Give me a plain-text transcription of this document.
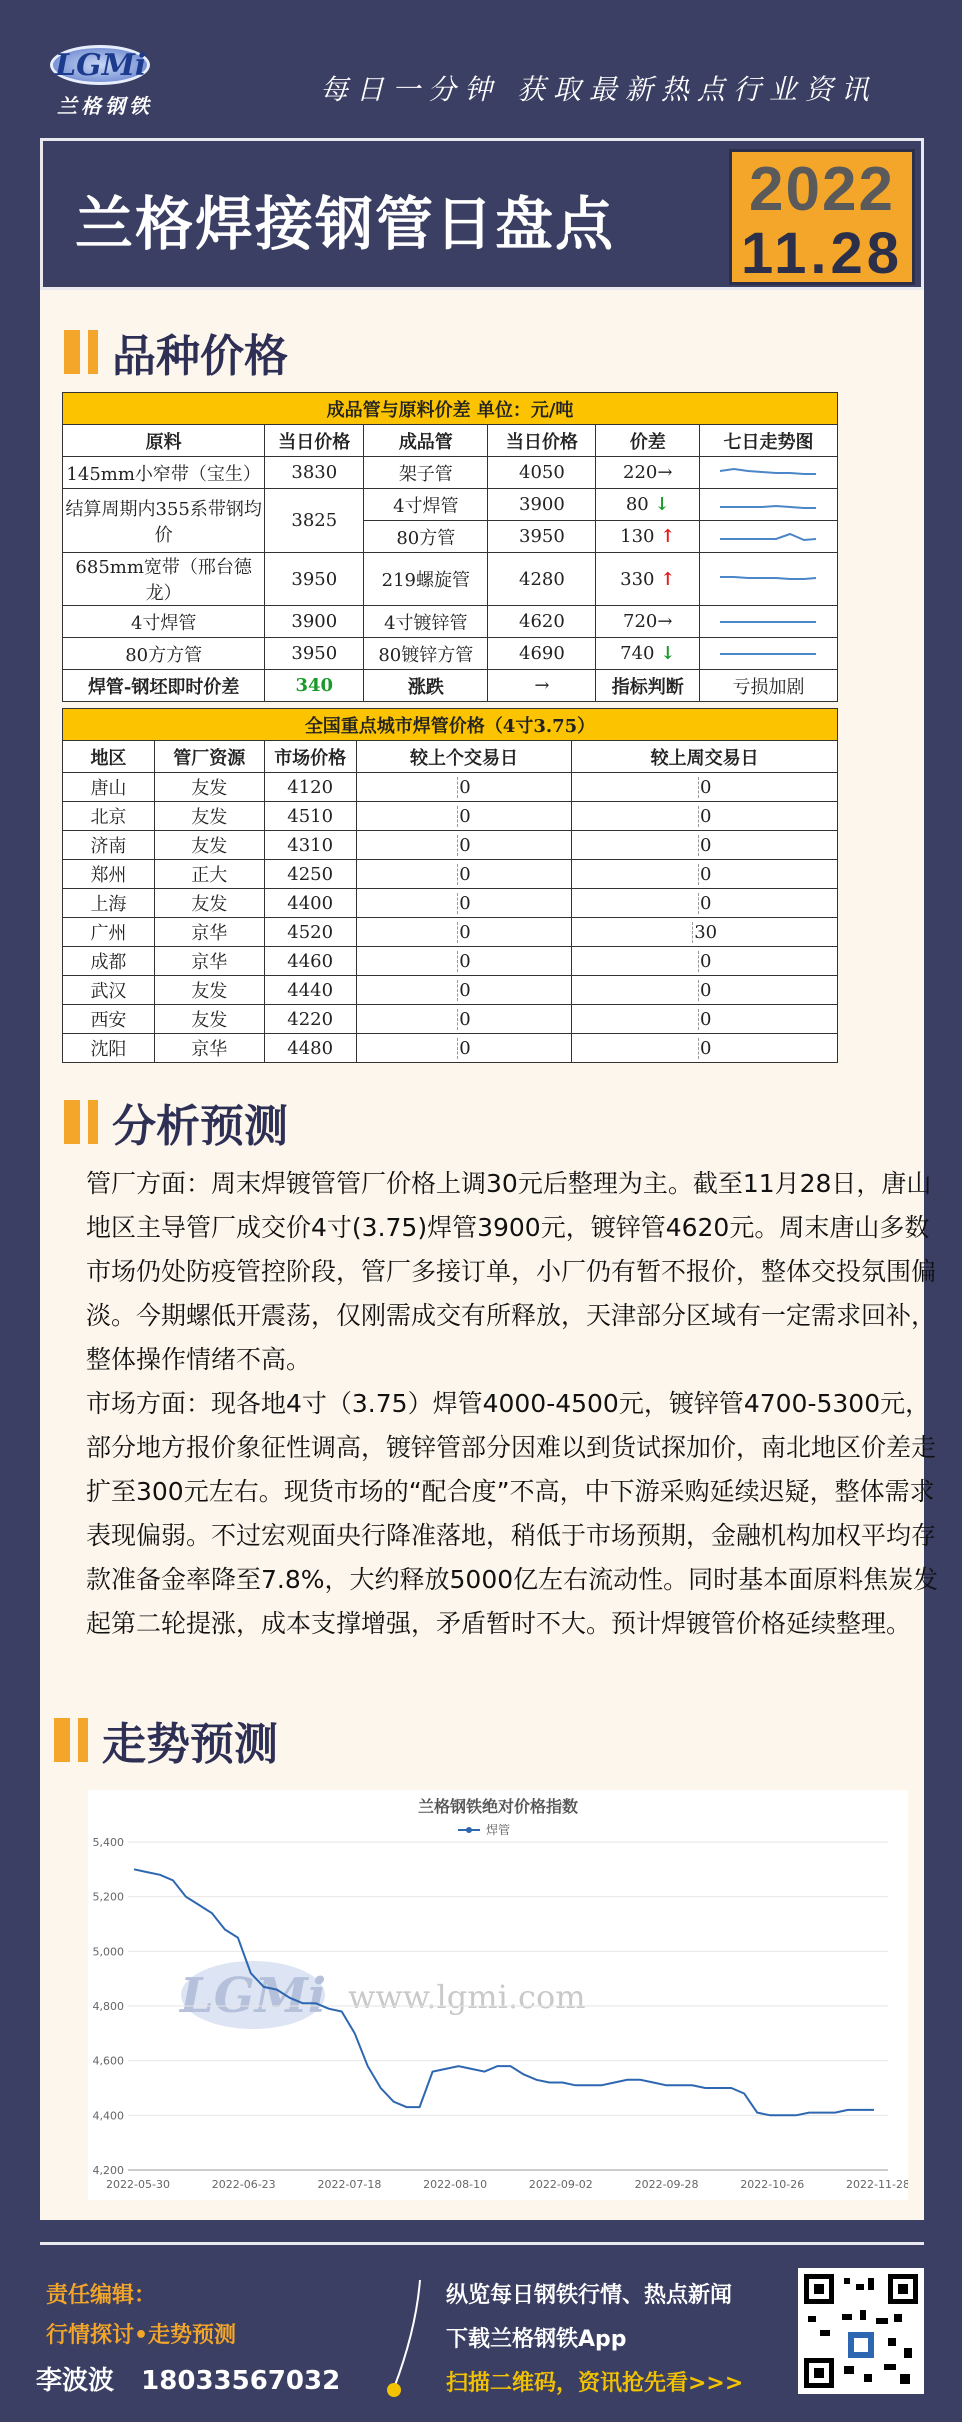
LGMi
兰格钢铁	每日一分钟 获取最新热点行业资讯
兰格焊接钢管日盘点 2022
11.28
品种价格
成品管与原料价差 单位：元/吨					
原料	当日价格	成品管	当日价格	价差	七日走势图
145mm小窄带（宝生）	3830	架子管	4050	220→	

结算周期内355系带钢均价	3825	4寸焊管	3900	80 ↓	

		80方管	3950	130 ↑	

685mm宽带（邢台德龙）	3950	219螺旋管	4280	330 ↑	

4寸焊管	3900	4寸镀锌管	4620	720→	

80方方管	3950	80镀锌方管	4690	740 ↓	

焊管-钢坯即时价差	340	涨跌	→	指标判断	亏损加剧
全国重点城市焊管价格（4寸3.75）				
地区	管厂资源	市场价格	较上个交易日	较上周交易日
唐山	友发	4120	0	0
北京	友发	4510	0	0
济南	友发	4310	0	0
郑州	正大	4250	0	0
上海	友发	4400	0	0
广州	京华	4520	0	30
成都	京华	4460	0	0
武汉	友发	4440	0	0
西安	友发	4220	0	0
沈阳	京华	4480	0	0
分析预测
管厂方面：周末焊镀管管厂价格上调30元后整理为主。截至11月28日，唐山地区主导管厂成交价4寸(3.75)焊管3900元，镀锌管4620元。周末唐山多数市场仍处防疫管控阶段，管厂多接订单，小厂仍有暂不报价，整体交投氛围偏淡。今期螺低开震荡，仅刚需成交有所释放，天津部分区域有一定需求回补，整体操作情绪不高。
市场方面：现各地4寸（3.75）焊管4000-4500元，镀锌管4700-5300元，部分地方报价象征性调高，镀锌管部分因难以到货试探加价，南北地区价差走扩至300元左右。现货市场的“配合度”不高，中下游采购延续迟疑，整体需求表现偏弱。不过宏观面央行降准落地，稍低于市场预期，金融机构加权平均存款准备金率降至7.8%，大约释放5000亿左右流动性。同时基本面原料焦炭发起第二轮提涨，成本支撑增强，矛盾暂时不大。预计焊镀管价格延续整理。
走势预测
兰格钢铁绝对价格指数
焊管
LGMi www.lgmi.com
4,200
4,400
4,600
4,800
5,000
5,200
5,400
2022-05-30	2022-06-23	2022-07-18	2022-08-10	2022-09-02	2022-09-28	2022-10-26	2022-11-28
责任编辑：
行情探讨•走势预测
李波波 18033567032
纵览每日钢铁行情、热点新闻
下载兰格钢铁App
扫描二维码，资讯抢先看>>>
